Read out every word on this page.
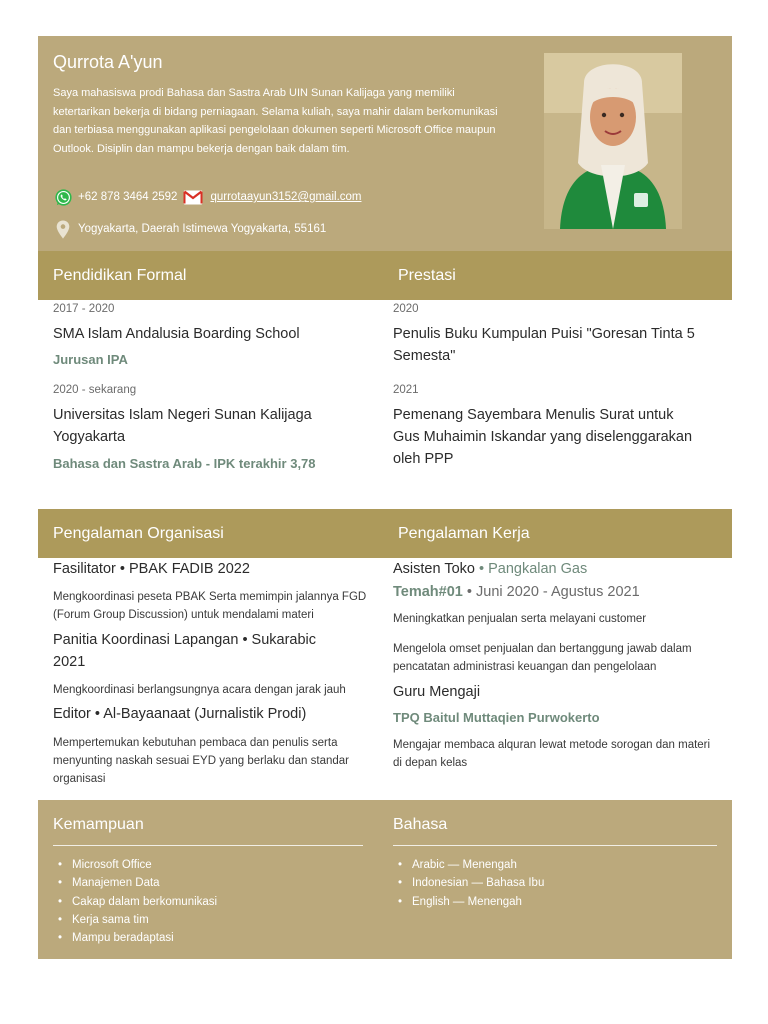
Qurrota A'yun
Saya mahasiswa prodi Bahasa dan Sastra Arab UIN Sunan Kalijaga yang memiliki ketertarikan bekerja di bidang perniagaan. Selama kuliah, saya mahir dalam berkomunikasi dan terbiasa menggunakan aplikasi pengelolaan dokumen seperti Microsoft Office maupun Outlook. Disiplin dan mampu bekerja dengan baik dalam tim.
+62 878 3464 2592	qurrotaayun3152@gmail.com
Yogyakarta, Daerah Istimewa Yogyakarta, 55161
Pendidikan Formal	Prestasi
2017 - 2020
SMA Islam Andalusia Boarding School
Jurusan IPA
2020 - sekarang
Universitas Islam Negeri Sunan Kalijaga
Yogyakarta
Bahasa dan Sastra Arab - IPK terakhir 3,78
2020
Penulis Buku Kumpulan Puisi "Goresan Tinta 5
Semesta"
2021
Pemenang Sayembara Menulis Surat untuk
Gus Muhaimin Iskandar yang diselenggarakan
oleh PPP
Pengalaman Organisasi	Pengalaman Kerja
Fasilitator • PBAK FADIB 2022
Mengkoordinasi peseta PBAK Serta memimpin jalannya FGD (Forum Group Discussion) untuk mendalami materi
Panitia Koordinasi Lapangan • Sukarabic
2021
Mengkoordinasi berlangsungnya acara dengan jarak jauh
Editor • Al-Bayaanaat (Jurnalistik Prodi)
Mempertemukan kebutuhan pembaca dan penulis serta menyunting naskah sesuai EYD yang berlaku dan standar organisasi
Asisten Toko • Pangkalan Gas
Temah#01 • Juni 2020 - Agustus 2021
Meningkatkan penjualan serta melayani customer
Mengelola omset penjualan dan bertanggung jawab dalam pencatatan administrasi keuangan dan pengelolaan
Guru Mengaji
TPQ Baitul Muttaqien Purwokerto
Mengajar membaca alquran lewat metode sorogan dan materi di depan kelas
Kemampuan
• Microsoft Office
• Manajemen Data
• Cakap dalam berkomunikasi
• Kerja sama tim
• Mampu beradaptasi
Bahasa
• Arabic — Menengah
• Indonesian — Bahasa Ibu
• English — Menengah
